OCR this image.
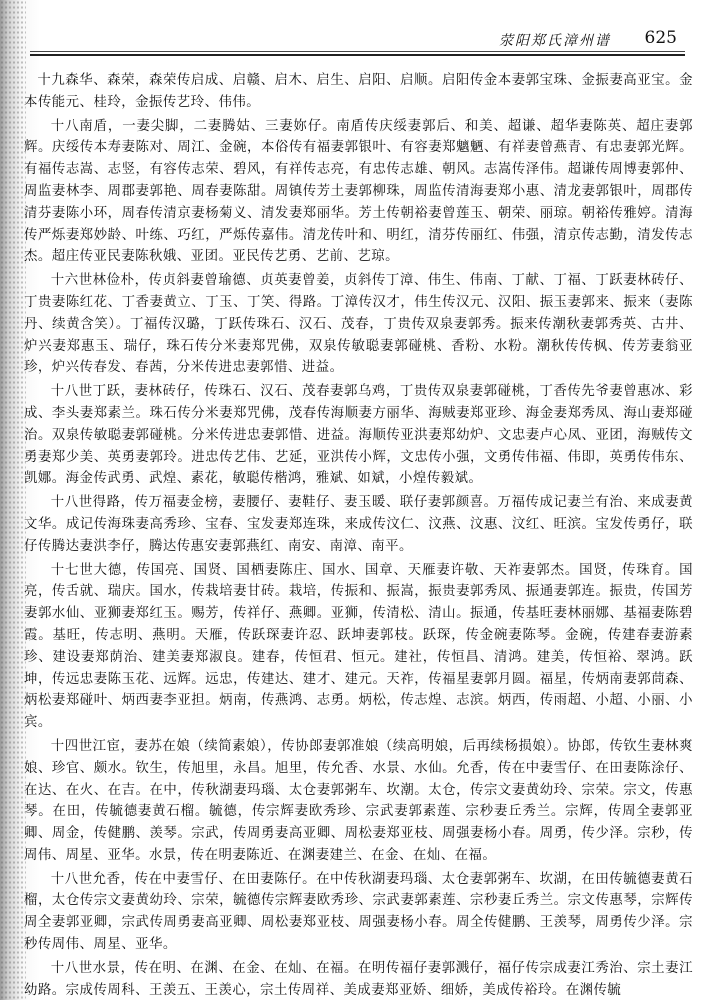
荥阳郑氏漳州谱 625

十九森华、森荣，森荣传启成、启赣、启木、启生、启阳、启顺。启阳传金本妻郭宝珠、金振妻高亚宝。金本传能元、桂玲，金振传艺玲、伟伟。

十八南盾，一妻尖脚，二妻腾姑、三妻妳仔。南盾传庆绥妻郭后、和美、超谦、超华妻陈英、超庄妻郭辉。庆绥传本寿妻陈对、周江、金碗，本俗传有福妻郭银叶、有容妻郑魑魉、有祥妻曾燕青、有忠妻郭光辉。有福传志嵩、志竖，有容传志荣、碧风，有祥传志亮，有忠传志雄、朝风。志嵩传泽伟。超谦传周博妻郭仲、周监妻林李、周郡妻郭艳、周春妻陈甜。周镇传芳土妻郭柳珠，周监传清海妻郑小惠、清龙妻郭银叶，周郡传清芬妻陈小环，周春传清京妻杨菊义、清发妻郑丽华。芳土传朝裕妻曾莲玉、朝荣、丽琼。朝裕传雅婷。清海传严烁妻郑妙龄、叶练、巧红，严烁传嘉伟。清龙传叶和、明红，清芬传丽红、伟强，清京传志勤，清发传志杰。超庄传亚民妻陈秋娥、亚团。亚民传艺勇、艺前、艺琼。

十六世林俭朴，传贞斜妻曾瑜德、贞英妻曾姜，贞斜传丁漳、伟生、伟南、丁献、丁福、丁跃妻林砖仔、丁贵妻陈红花、丁香妻黄立、丁玉、丁笑、得路。丁漳传汉才，伟生传汉元、汉阳、振玉妻郭来、振来（妻陈丹、续黄含笑）。丁福传汉璐，丁跃传珠石、汉石、茂春，丁贵传双泉妻郭秀。振来传潮秋妻郭秀英、古井、炉兴妻郑惠玉、瑞仔，珠石传分米妻郑咒佛，双泉传敏聪妻郭碰桃、香粉、水粉。潮秋传传枫、传芳妻翁亚珍，炉兴传春发、春茜，分米传进忠妻郭惜、进益。

十八世丁跃，妻林砖仔，传珠石、汉石、茂春妻郭乌鸡，丁贵传双泉妻郭碰桃，丁香传先爷妻曾惠冰、彩成、李头妻郑素兰。珠石传分米妻郑咒佛，茂春传海顺妻方丽华、海贼妻郑亚珍、海金妻郑秀凤、海山妻郑碰治。双泉传敏聪妻郭碰桃。分米传进忠妻郭惜、进益。海顺传亚洪妻郑幼炉、文忠妻卢心凤、亚团，海贼传文勇妻郑少美、英勇妻郭玲。进忠传艺伟、艺延，亚洪传小辉，文忠传小强，文勇传伟福、伟即，英勇传伟东、凯娜。海金传武勇、武煌、素花，敏聪传楷鸿，雅斌、如斌，小煌传毅斌。

十八世得路，传万福妻金榜，妻腰仔、妻鞋仔、妻玉暖、联仔妻郭颜喜。万福传成记妻兰有治、来成妻黄文华。成记传海珠妻高秀珍、宝春、宝发妻郑连珠，来成传汶仁、汶燕、汶惠、汶红、旺滨。宝发传勇仔，联仔传腾达妻洪李仔，腾达传惠安妻郭燕红、南安、南漳、南平。

十七世大德，传国亮、国贤、国栖妻陈庄、国水、国章、天雁妻许敬、天祚妻郭杰。国贤，传珠育。国亮，传舌就、瑞庆。国水，传栽培妻甘砖。栽培，传振和、振嵩，振贵妻郭秀凤、振通妻郭连。振贵，传国芳妻郭水仙、亚狮妻郑红玉。赐芳，传祥仔、燕卿。亚狮，传清松、清山。振通，传基旺妻林丽娜、基福妻陈碧霞。基旺，传志明、燕明。天雁，传跃琛妻许忍、跃坤妻郭枝。跃琛，传金碗妻陈琴。金碗，传建春妻游素珍、建设妻郑荫治、建美妻郑淑良。建春，传恒君、恒元。建社，传恒昌、清鸿。建美，传恒裕、翠鸿。跃坤，传远忠妻陈玉花、远辉。远忠，传建达、建才、建元。天祚，传福星妻郭月圆。福星，传炳南妻郭茼森、炳松妻郑碰叶、炳西妻李亚担。炳南，传燕鸿、志勇。炳松，传志煌、志滨。炳西，传雨超、小超、小丽、小宾。

十四世江宦，妻苏在娘（续简素娘），传协郎妻郭准娘（续高明娘，后再续杨损娘）。协郎，传钦生妻林爽娘、珍官、颇水。钦生，传旭里，永昌。旭里，传允香、水景、水仙。允香，传在中妻雪仔、在田妻陈涂仔、在达、在火、在吉。在中，传秋湖妻玛瑙、太仓妻郭粥车、坎潮。太仓，传宗文妻黄幼玲、宗荣。宗文，传惠琴。在田，传毓德妻黄石榴。毓德，传宗辉妻欧秀珍、宗武妻郭素莲、宗秒妻丘秀兰。宗辉，传周全妻郭亚卿、周金，传健鹏、羡琴。宗武，传周勇妻高亚卿、周松妻郑亚枝、周强妻杨小春。周勇，传少泽。宗秒，传周伟、周星、亚华。水景，传在明妻陈近、在渊妻建兰、在金、在灿、在福。

十八世允香，传在中妻雪仔、在田妻陈仔。在中传秋湖妻玛瑙、太仓妻郭粥车、坎湖，在田传毓德妻黄石榴，太仓传宗文妻黄幼玲、宗荣，毓德传宗辉妻欧秀珍、宗武妻郭素莲、宗秒妻丘秀兰。宗文传惠琴，宗辉传周全妻郭亚卿，宗武传周勇妻高亚卿、周松妻郑亚枝、周强妻杨小春。周全传健鹏、王羡琴，周勇传少泽。宗秒传周伟、周星、亚华。

十八世水景，传在明、在渊、在金、在灿、在福。在明传福仔妻郭溅仔，福仔传宗成妻江秀治、宗土妻江幼路。宗成传周科、王羡五、王羡心，宗土传周祥、美成妻郑亚娇、细娇，美成传裕玲。在渊传毓
